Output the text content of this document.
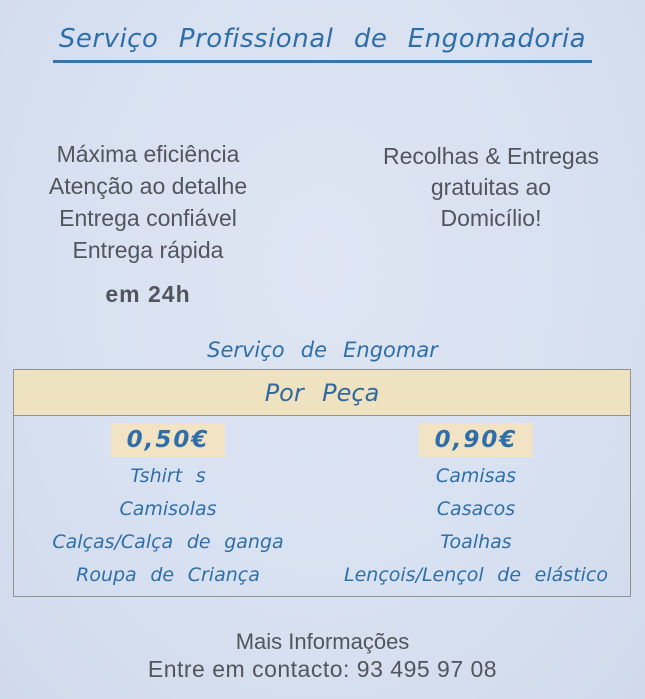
Serviço Profissional de Engomadoria
Máxima eficiência
Atenção ao detalhe
Entrega confiável
Entrega rápida
em 24h
Recolhas & Entregas
gratuitas ao
Domicílio!
Serviço de Engomar
Por Peça
0,50€
Tshirt s
Camisolas
Calças/Calça de ganga
Roupa de Criança
0,90€
Camisas
Casacos
Toalhas
Lençois/Lençol de elástico
Mais Informações
Entre em contacto: 93 495 97 08
